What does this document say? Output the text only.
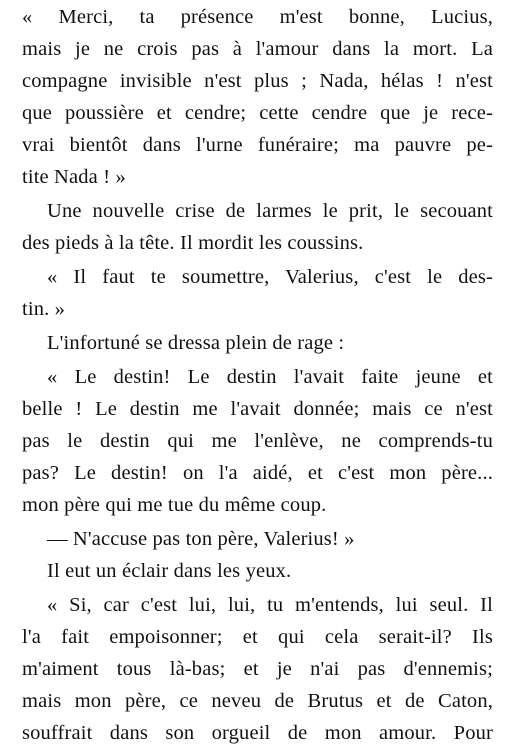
« Merci, ta présence m'est bonne, Lucius,
mais je ne crois pas à l'amour dans la mort. La
compagne invisible n'est plus ; Nada, hélas ! n'est
que poussière et cendre; cette cendre que je rece-
vrai bientôt dans l'urne funéraire; ma pauvre pe-
tite Nada ! »
Une nouvelle crise de larmes le prit, le secouant
des pieds à la tête. Il mordit les coussins.
« Il faut te soumettre, Valerius, c'est le des-
tin. »
L'infortuné se dressa plein de rage :
« Le destin! Le destin l'avait faite jeune et
belle ! Le destin me l'avait donnée; mais ce n'est
pas le destin qui me l'enlève, ne comprends-tu
pas? Le destin! on l'a aidé, et c'est mon père...
mon père qui me tue du même coup.
— N'accuse pas ton père, Valerius! »
Il eut un éclair dans les yeux.
« Si, car c'est lui, lui, tu m'entends, lui seul. Il
l'a fait empoisonner; et qui cela serait-il? Ils
m'aiment tous là-bas; et je n'ai pas d'ennemis;
mais mon père, ce neveu de Brutus et de Caton,
souffrait dans son orgueil de mon amour. Pour
